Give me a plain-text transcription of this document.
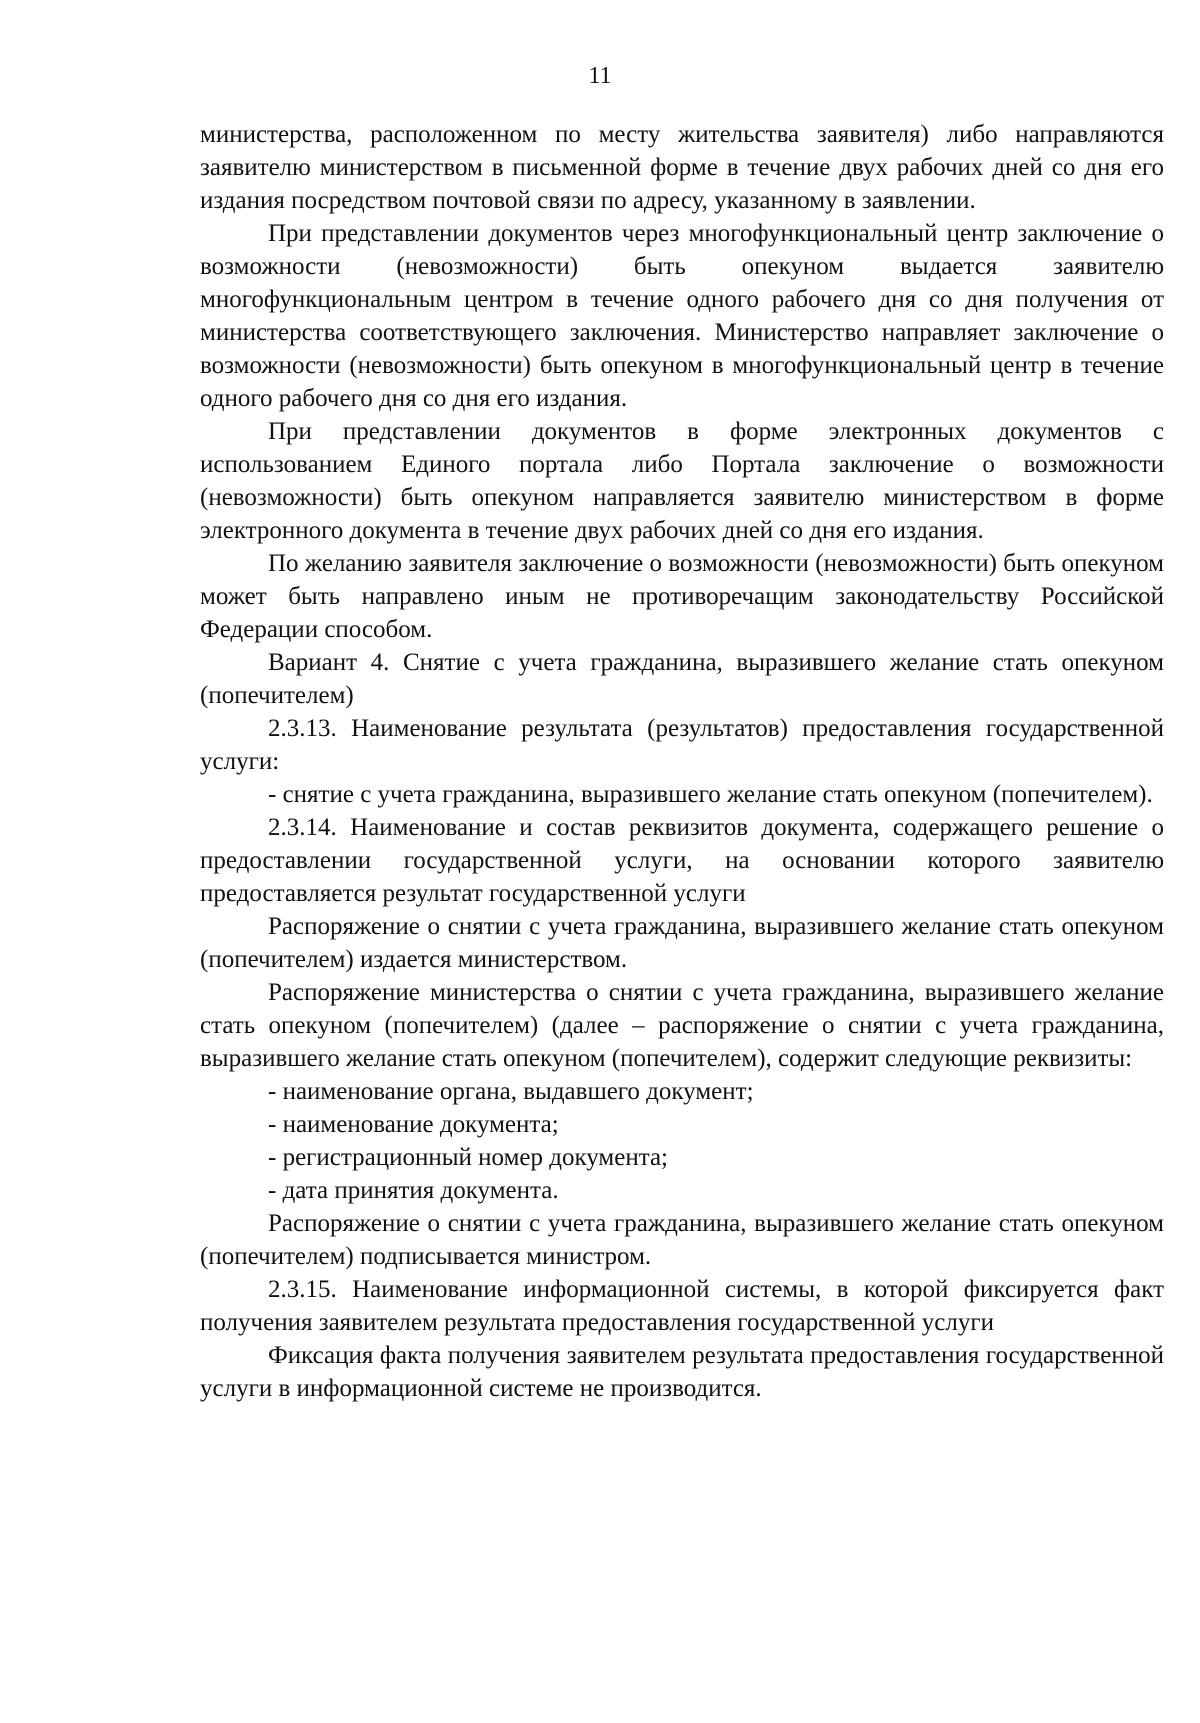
11

министерства, расположенном по месту жительства заявителя) либо направляются заявителю министерством в письменной форме в течение двух рабочих дней со дня его издания посредством почтовой связи по адресу, указанному в заявлении.

При представлении документов через многофункциональный центр заключение о возможности (невозможности) быть опекуном выдается заявителю многофункциональным центром в течение одного рабочего дня со дня получения от министерства соответствующего заключения. Министерство направляет заключение о возможности (невозможности) быть опекуном в многофункциональный центр в течение одного рабочего дня со дня его издания.

При представлении документов в форме электронных документов с использованием Единого портала либо Портала заключение о возможности (невозможности) быть опекуном направляется заявителю министерством в форме электронного документа в течение двух рабочих дней со дня его издания.

По желанию заявителя заключение о возможности (невозможности) быть опекуном может быть направлено иным не противоречащим законодательству Российской Федерации способом.

Вариант 4. Снятие с учета гражданина, выразившего желание стать опекуном (попечителем)

2.3.13. Наименование результата (результатов) предоставления государственной услуги:

- снятие с учета гражданина, выразившего желание стать опекуном (попечителем).

2.3.14. Наименование и состав реквизитов документа, содержащего решение о предоставлении государственной услуги, на основании которого заявителю предоставляется результат государственной услуги

Распоряжение о снятии с учета гражданина, выразившего желание стать опекуном (попечителем) издается министерством.

Распоряжение министерства о снятии с учета гражданина, выразившего желание стать опекуном (попечителем) (далее – распоряжение о снятии с учета гражданина, выразившего желание стать опекуном (попечителем), содержит следующие реквизиты:

- наименование органа, выдавшего документ;

- наименование документа;

- регистрационный номер документа;

- дата принятия документа.

Распоряжение о снятии с учета гражданина, выразившего желание стать опекуном (попечителем) подписывается министром.

2.3.15. Наименование информационной системы, в которой фиксируется факт получения заявителем результата предоставления государственной услуги

Фиксация факта получения заявителем результата предоставления государственной услуги в информационной системе не производится.
